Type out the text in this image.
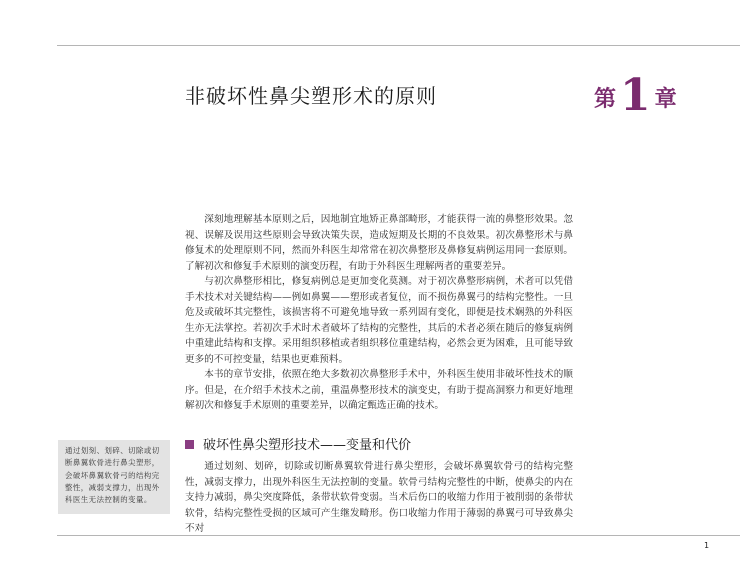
非破坏性鼻尖塑形术的原则	第1 章

深刻地理解基本原则之后，因地制宜地矫正鼻部畸形，才能获得一流的鼻整形效果。忽视、误解及误用这些原则会导致决策失误，造成短期及长期的不良效果。初次鼻整形术与鼻修复术的处理原则不同，然而外科医生却常常在初次鼻整形及鼻修复病例运用同一套原则。了解初次和修复手术原则的演变历程，有助于外科医生理解两者的重要差异。

与初次鼻整形相比，修复病例总是更加变化莫测。对于初次鼻整形病例，术者可以凭借手术技术对关键结构——例如鼻翼——塑形或者复位，而不损伤鼻翼弓的结构完整性。一旦危及或破坏其完整性，该损害将不可避免地导致一系列固有变化，即便是技术娴熟的外科医生亦无法掌控。若初次手术时术者破坏了结构的完整性，其后的术者必须在随后的修复病例中重建此结构和支撑。采用组织移植或者组织移位重建结构，必然会更为困难，且可能导致更多的不可控变量，结果也更难预料。

本书的章节安排，依照在绝大多数初次鼻整形手术中，外科医生使用非破坏性技术的顺序。但是，在介绍手术技术之前，重温鼻整形技术的演变史，有助于提高洞察力和更好地理解初次和修复手术原则的重要差异，以确定甄选正确的技术。

破坏性鼻尖塑形技术——变量和代价

通过划刻、划碎，切除或切断鼻翼软骨进行鼻尖塑形，会破坏鼻翼软骨弓的结构完整性，减弱支撑力，出现外科医生无法控制的变量。软骨弓结构完整性的中断，使鼻尖的内在支持力减弱，鼻尖突度降低，条带状软骨变弱。当术后伤口的收缩力作用于被削弱的条带状软骨，结构完整性受损的区域可产生继发畸形。伤口收缩力作用于薄弱的鼻翼弓可导致鼻尖不对

通过划刻、划碎、切除或切断鼻翼软骨进行鼻尖塑形，会破坏鼻翼软骨弓的结构完整性，减弱支撑力，出现外科医生无法控制的变量。
1
